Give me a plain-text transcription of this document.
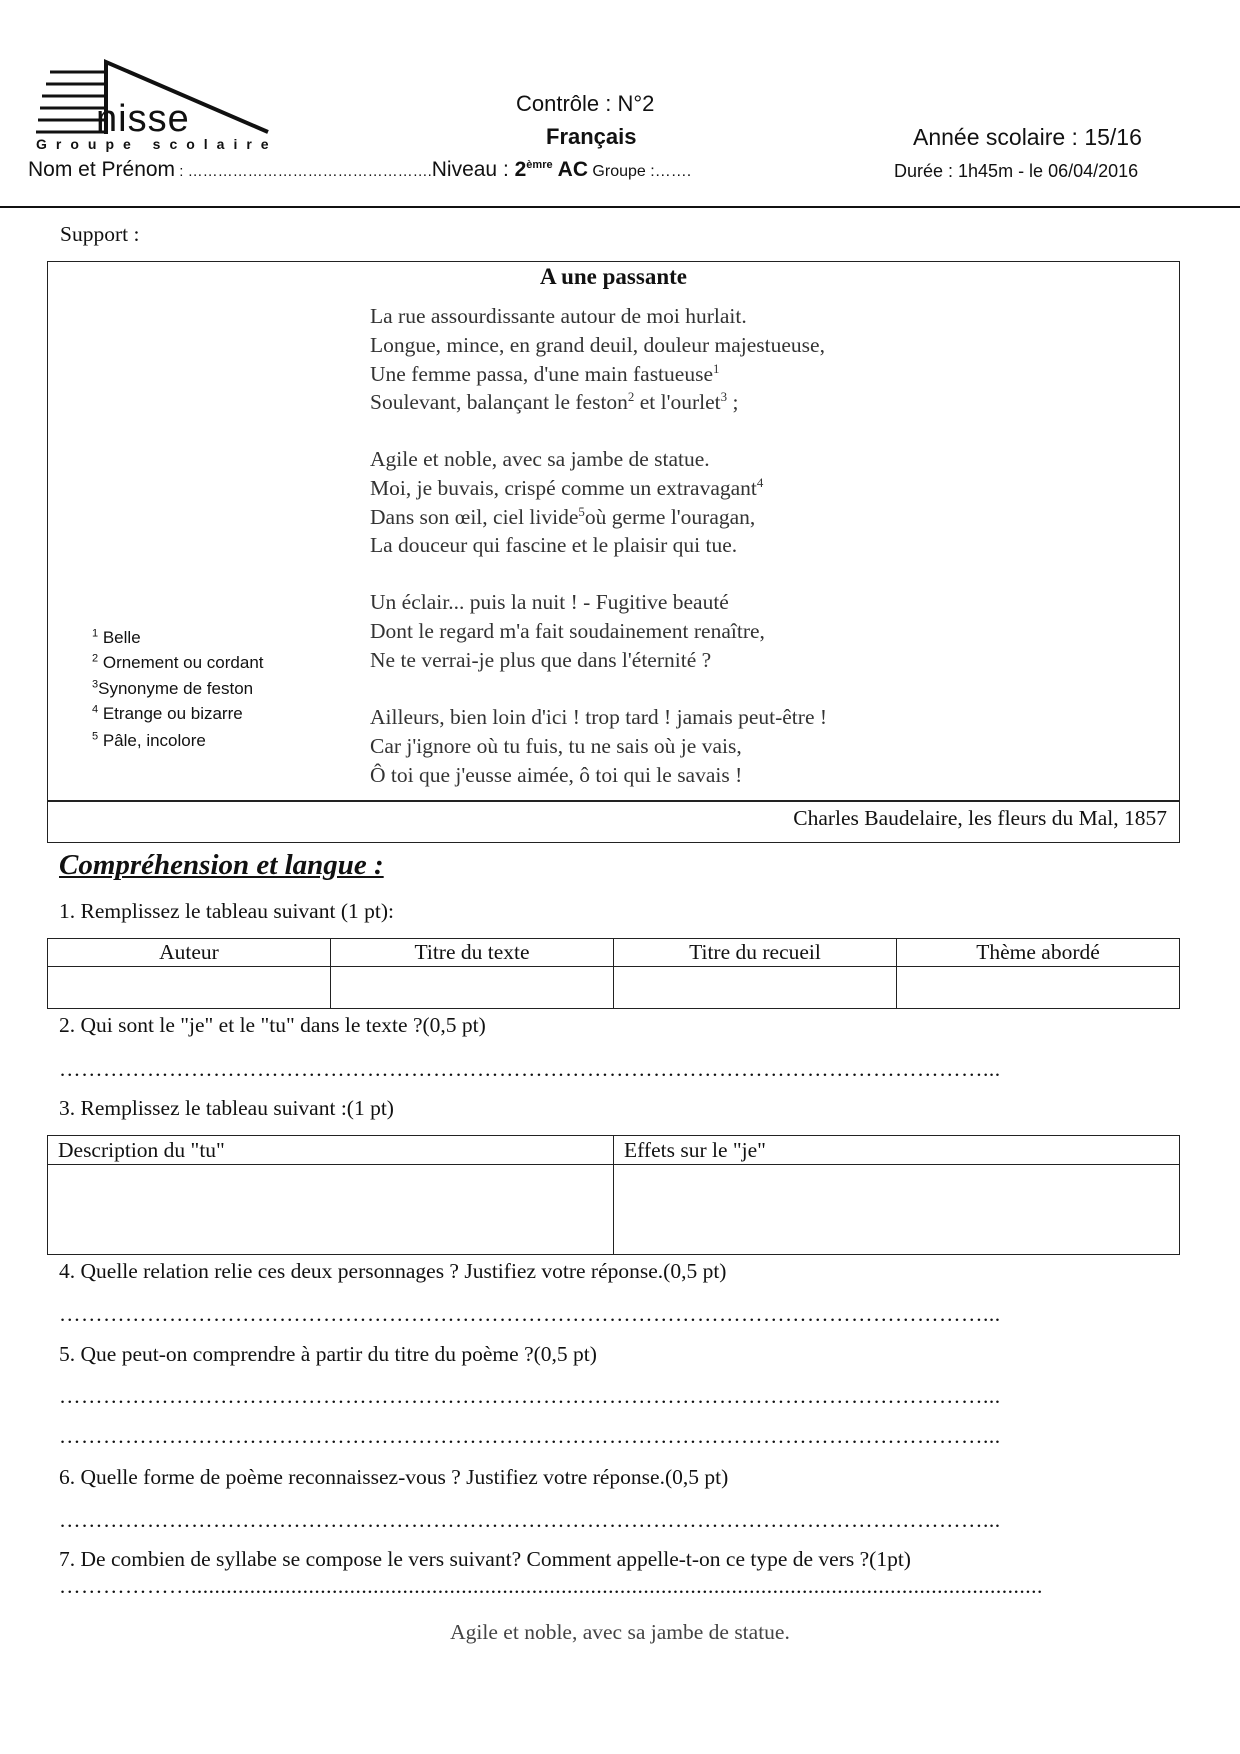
nisse
Groupe scolaire
Contrôle : N°2
Français	Année scolaire : 15/16
Nom et Prénom : ………………………………………….Niveau : $2^{èmre}$ AC Groupe :…….	Durée : 1h45m - le 06/04/2016
Support :
A une passante
La rue assourdissante autour de moi hurlait.
Longue, mince, en grand deuil, douleur majestueuse,
Une femme passa, d'une main fastueuse$^1$
Soulevant, balançant le feston$^2$ et l'ourlet$^3$ ;
Agile et noble, avec sa jambe de statue.
Moi, je buvais, crispé comme un extravagant$^4$
Dans son œil, ciel livide$^5$où germe l'ouragan,
La douceur qui fascine et le plaisir qui tue.
Un éclair... puis la nuit ! - Fugitive beauté
Dont le regard m'a fait soudainement renaître,
Ne te verrai-je plus que dans l'éternité ?
Ailleurs, bien loin d'ici ! trop tard ! jamais peut-être !
Car j'ignore où tu fuis, tu ne sais où je vais,
Ô toi que j'eusse aimée, ô toi qui le savais !
$^1$ Belle
$^2$ Ornement ou cordant
$^3$Synonyme de feston
$^4$ Etrange ou bizarre
$^5$ Pâle, incolore
Charles Baudelaire, les fleurs du Mal, 1857
Compréhension et langue :
1. Remplissez le tableau suivant (1 pt):
Auteur	Titre du texte	Titre du recueil	Thème abordé

2. Qui sont le "je" et le "tu" dans le texte ?(0,5 pt)
………………………………………………………………………………………………………………...
3. Remplissez le tableau suivant :(1 pt)
Description du "tu"	Effets sur le "je"

4. Quelle relation relie ces deux personnages ? Justifiez votre réponse.(0,5 pt)
………………………………………………………………………………………………………………...
5. Que peut-on comprendre à partir du titre du poème ?(0,5 pt)
………………………………………………………………………………………………………………...
………………………………………………………………………………………………………………...
6. Quelle forme de poème reconnaissez-vous ? Justifiez votre réponse.(0,5 pt)
………………………………………………………………………………………………………………...
7. De combien de syllabe se compose le vers suivant? Comment appelle-t-on ce type de vers ?(1pt)
……………….................................................................................................................................................
Agile et noble, avec sa jambe de statue.
